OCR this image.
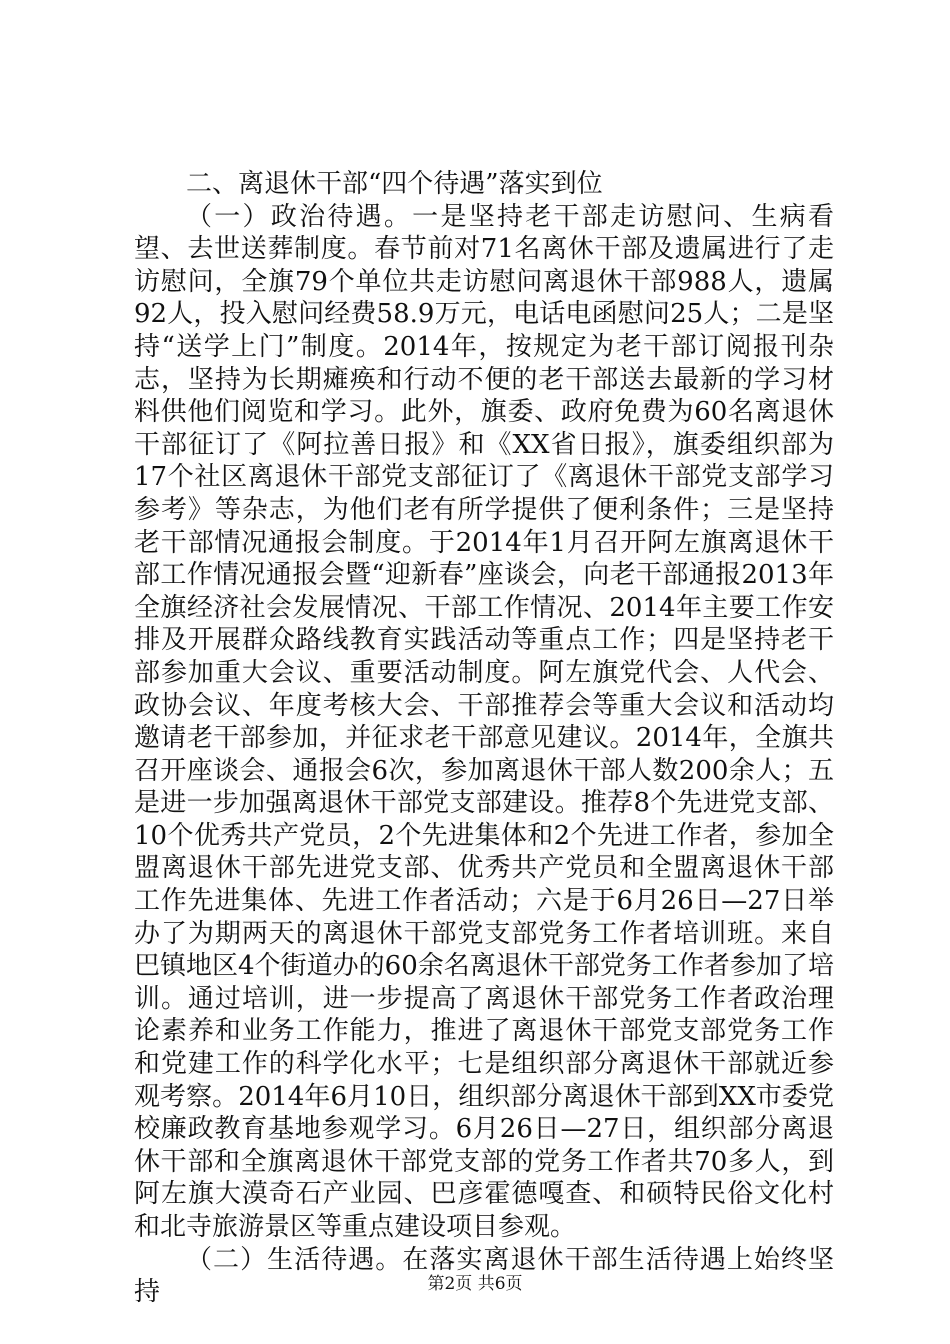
二、离退休干部“四个待遇”落实到位

（一）政治待遇。一是坚持老干部走访慰问、生病看望、去世送葬制度。春节前对71名离休干部及遗属进行了走访慰问，全旗79个单位共走访慰问离退休干部988人，遗属92人，投入慰问经费58.9万元，电话电函慰问25人；二是坚持“送学上门”制度。2014年，按规定为老干部订阅报刊杂志，坚持为长期瘫痪和行动不便的老干部送去最新的学习材料供他们阅览和学习。此外，旗委、政府免费为60名离退休干部征订了《阿拉善日报》和《XX省日报》，旗委组织部为17个社区离退休干部党支部征订了《离退休干部党支部学习参考》等杂志，为他们老有所学提供了便利条件；三是坚持老干部情况通报会制度。于2014年1月召开阿左旗离退休干部工作情况通报会暨“迎新春”座谈会，向老干部通报2013年全旗经济社会发展情况、干部工作情况、2014年主要工作安排及开展群众路线教育实践活动等重点工作；四是坚持老干部参加重大会议、重要活动制度。阿左旗党代会、人代会、政协会议、年度考核大会、干部推荐会等重大会议和活动均邀请老干部参加，并征求老干部意见建议。2014年，全旗共召开座谈会、通报会6次，参加离退休干部人数200余人；五是进一步加强离退休干部党支部建设。推荐8个先进党支部、10个优秀共产党员，2个先进集体和2个先进工作者，参加全盟离退休干部先进党支部、优秀共产党员和全盟离退休干部工作先进集体、先进工作者活动；六是于6月26日—27日举办了为期两天的离退休干部党支部党务工作者培训班。来自巴镇地区4个街道办的60余名离退休干部党务工作者参加了培训。通过培训，进一步提高了离退休干部党务工作者政治理论素养和业务工作能力，推进了离退休干部党支部党务工作和党建工作的科学化水平；七是组织部分离退休干部就近参观考察。2014年6月10日，组织部分离退休干部到XX市委党校廉政教育基地参观学习。6月26日—27日，组织部分离退休干部和全旗离退休干部党支部的党务工作者共70多人，到阿左旗大漠奇石产业园、巴彦霍德嘎查、和硕特民俗文化村和北寺旅游景区等重点建设项目参观。

（二）生活待遇。在落实离退休干部生活待遇上始终坚持	第2页 共6页
